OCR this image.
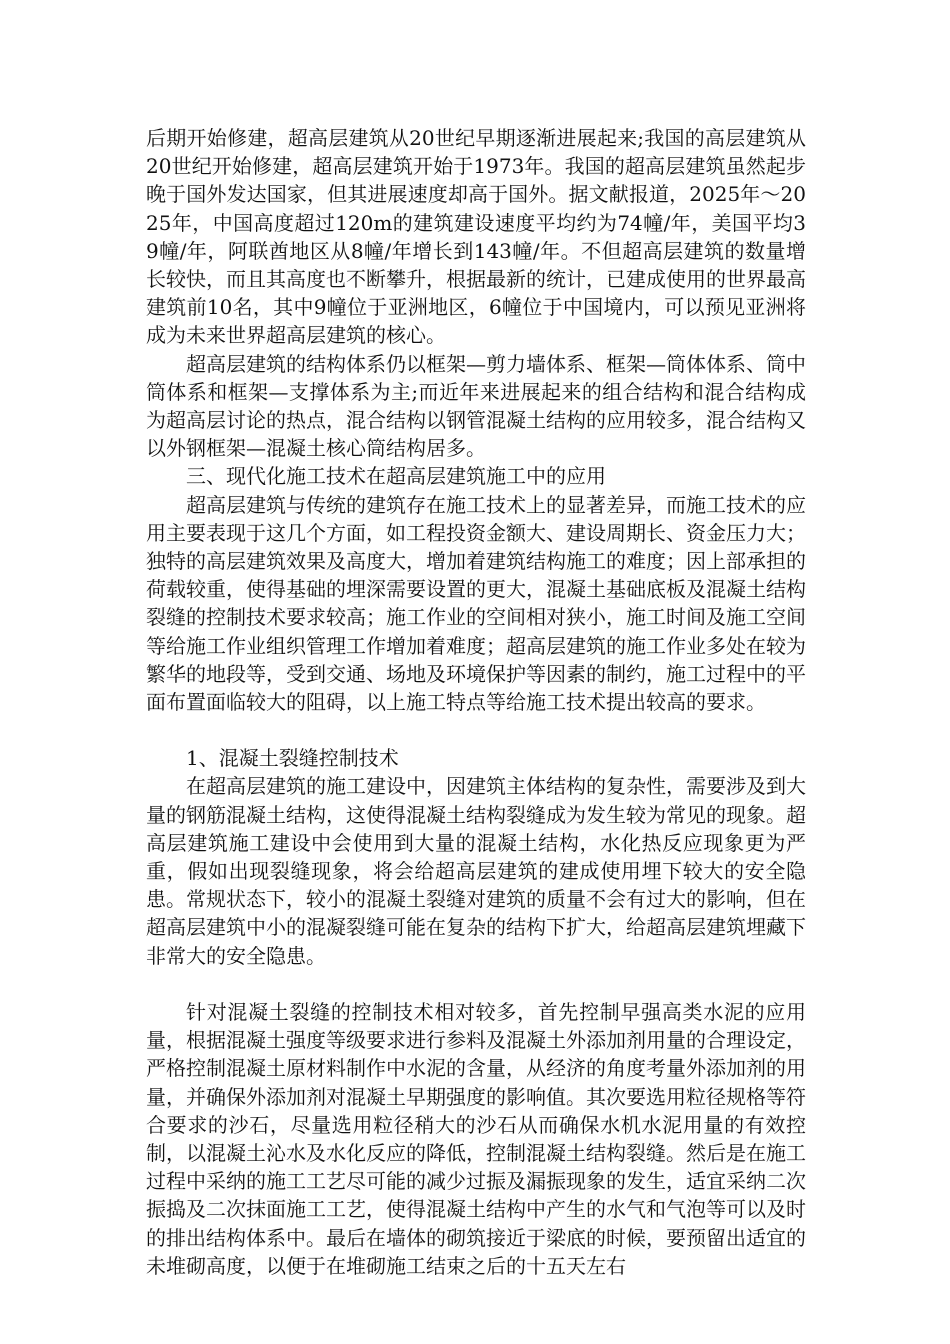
后期开始修建，超高层建筑从20世纪早期逐渐进展起来;我国的高层建筑从20世纪开始修建，超高层建筑开始于1973年。我国的超高层建筑虽然起步晚于国外发达国家，但其进展速度却高于国外。据文献报道，2025年～2025年，中国高度超过120m的建筑建设速度平均约为74幢/年，美国平均39幢/年，阿联酋地区从8幢/年增长到143幢/年。不但超高层建筑的数量增长较快，而且其高度也不断攀升，根据最新的统计，已建成使用的世界最高建筑前10名，其中9幢位于亚洲地区，6幢位于中国境内，可以预见亚洲将成为未来世界超高层建筑的核心。

超高层建筑的结构体系仍以框架—剪力墙体系、框架—筒体体系、筒中筒体系和框架—支撑体系为主;而近年来进展起来的组合结构和混合结构成为超高层讨论的热点，混合结构以钢管混凝土结构的应用较多，混合结构又以外钢框架—混凝土核心筒结构居多。

三、现代化施工技术在超高层建筑施工中的应用

超高层建筑与传统的建筑存在施工技术上的显著差异，而施工技术的应用主要表现于这几个方面，如工程投资金额大、建设周期长、资金压力大；独特的高层建筑效果及高度大，增加着建筑结构施工的难度；因上部承担的荷载较重，使得基础的埋深需要设置的更大，混凝土基础底板及混凝土结构裂缝的控制技术要求较高；施工作业的空间相对狭小，施工时间及施工空间等给施工作业组织管理工作增加着难度；超高层建筑的施工作业多处在较为繁华的地段等，受到交通、场地及环境保护等因素的制约，施工过程中的平面布置面临较大的阻碍，以上施工特点等给施工技术提出较高的要求。

1、混凝土裂缝控制技术

在超高层建筑的施工建设中，因建筑主体结构的复杂性，需要涉及到大量的钢筋混凝土结构，这使得混凝土结构裂缝成为发生较为常见的现象。超高层建筑施工建设中会使用到大量的混凝土结构，水化热反应现象更为严重，假如出现裂缝现象，将会给超高层建筑的建成使用埋下较大的安全隐患。常规状态下，较小的混凝土裂缝对建筑的质量不会有过大的影响，但在超高层建筑中小的混凝裂缝可能在复杂的结构下扩大，给超高层建筑埋藏下非常大的安全隐患。

针对混凝土裂缝的控制技术相对较多，首先控制早强高类水泥的应用量，根据混凝土强度等级要求进行参料及混凝土外添加剂用量的合理设定，严格控制混凝土原材料制作中水泥的含量，从经济的角度考量外添加剂的用量，并确保外添加剂对混凝土早期强度的影响值。其次要选用粒径规格等符合要求的沙石，尽量选用粒径稍大的沙石从而确保水机水泥用量的有效控制，以混凝土沁水及水化反应的降低，控制混凝土结构裂缝。然后是在施工过程中采纳的施工工艺尽可能的减少过振及漏振现象的发生，适宜采纳二次振捣及二次抹面施工工艺，使得混凝土结构中产生的水气和气泡等可以及时的排出结构体系中。最后在墙体的砌筑接近于梁底的时候，要预留出适宜的未堆砌高度，以便于在堆砌施工结束之后的十五天左右
